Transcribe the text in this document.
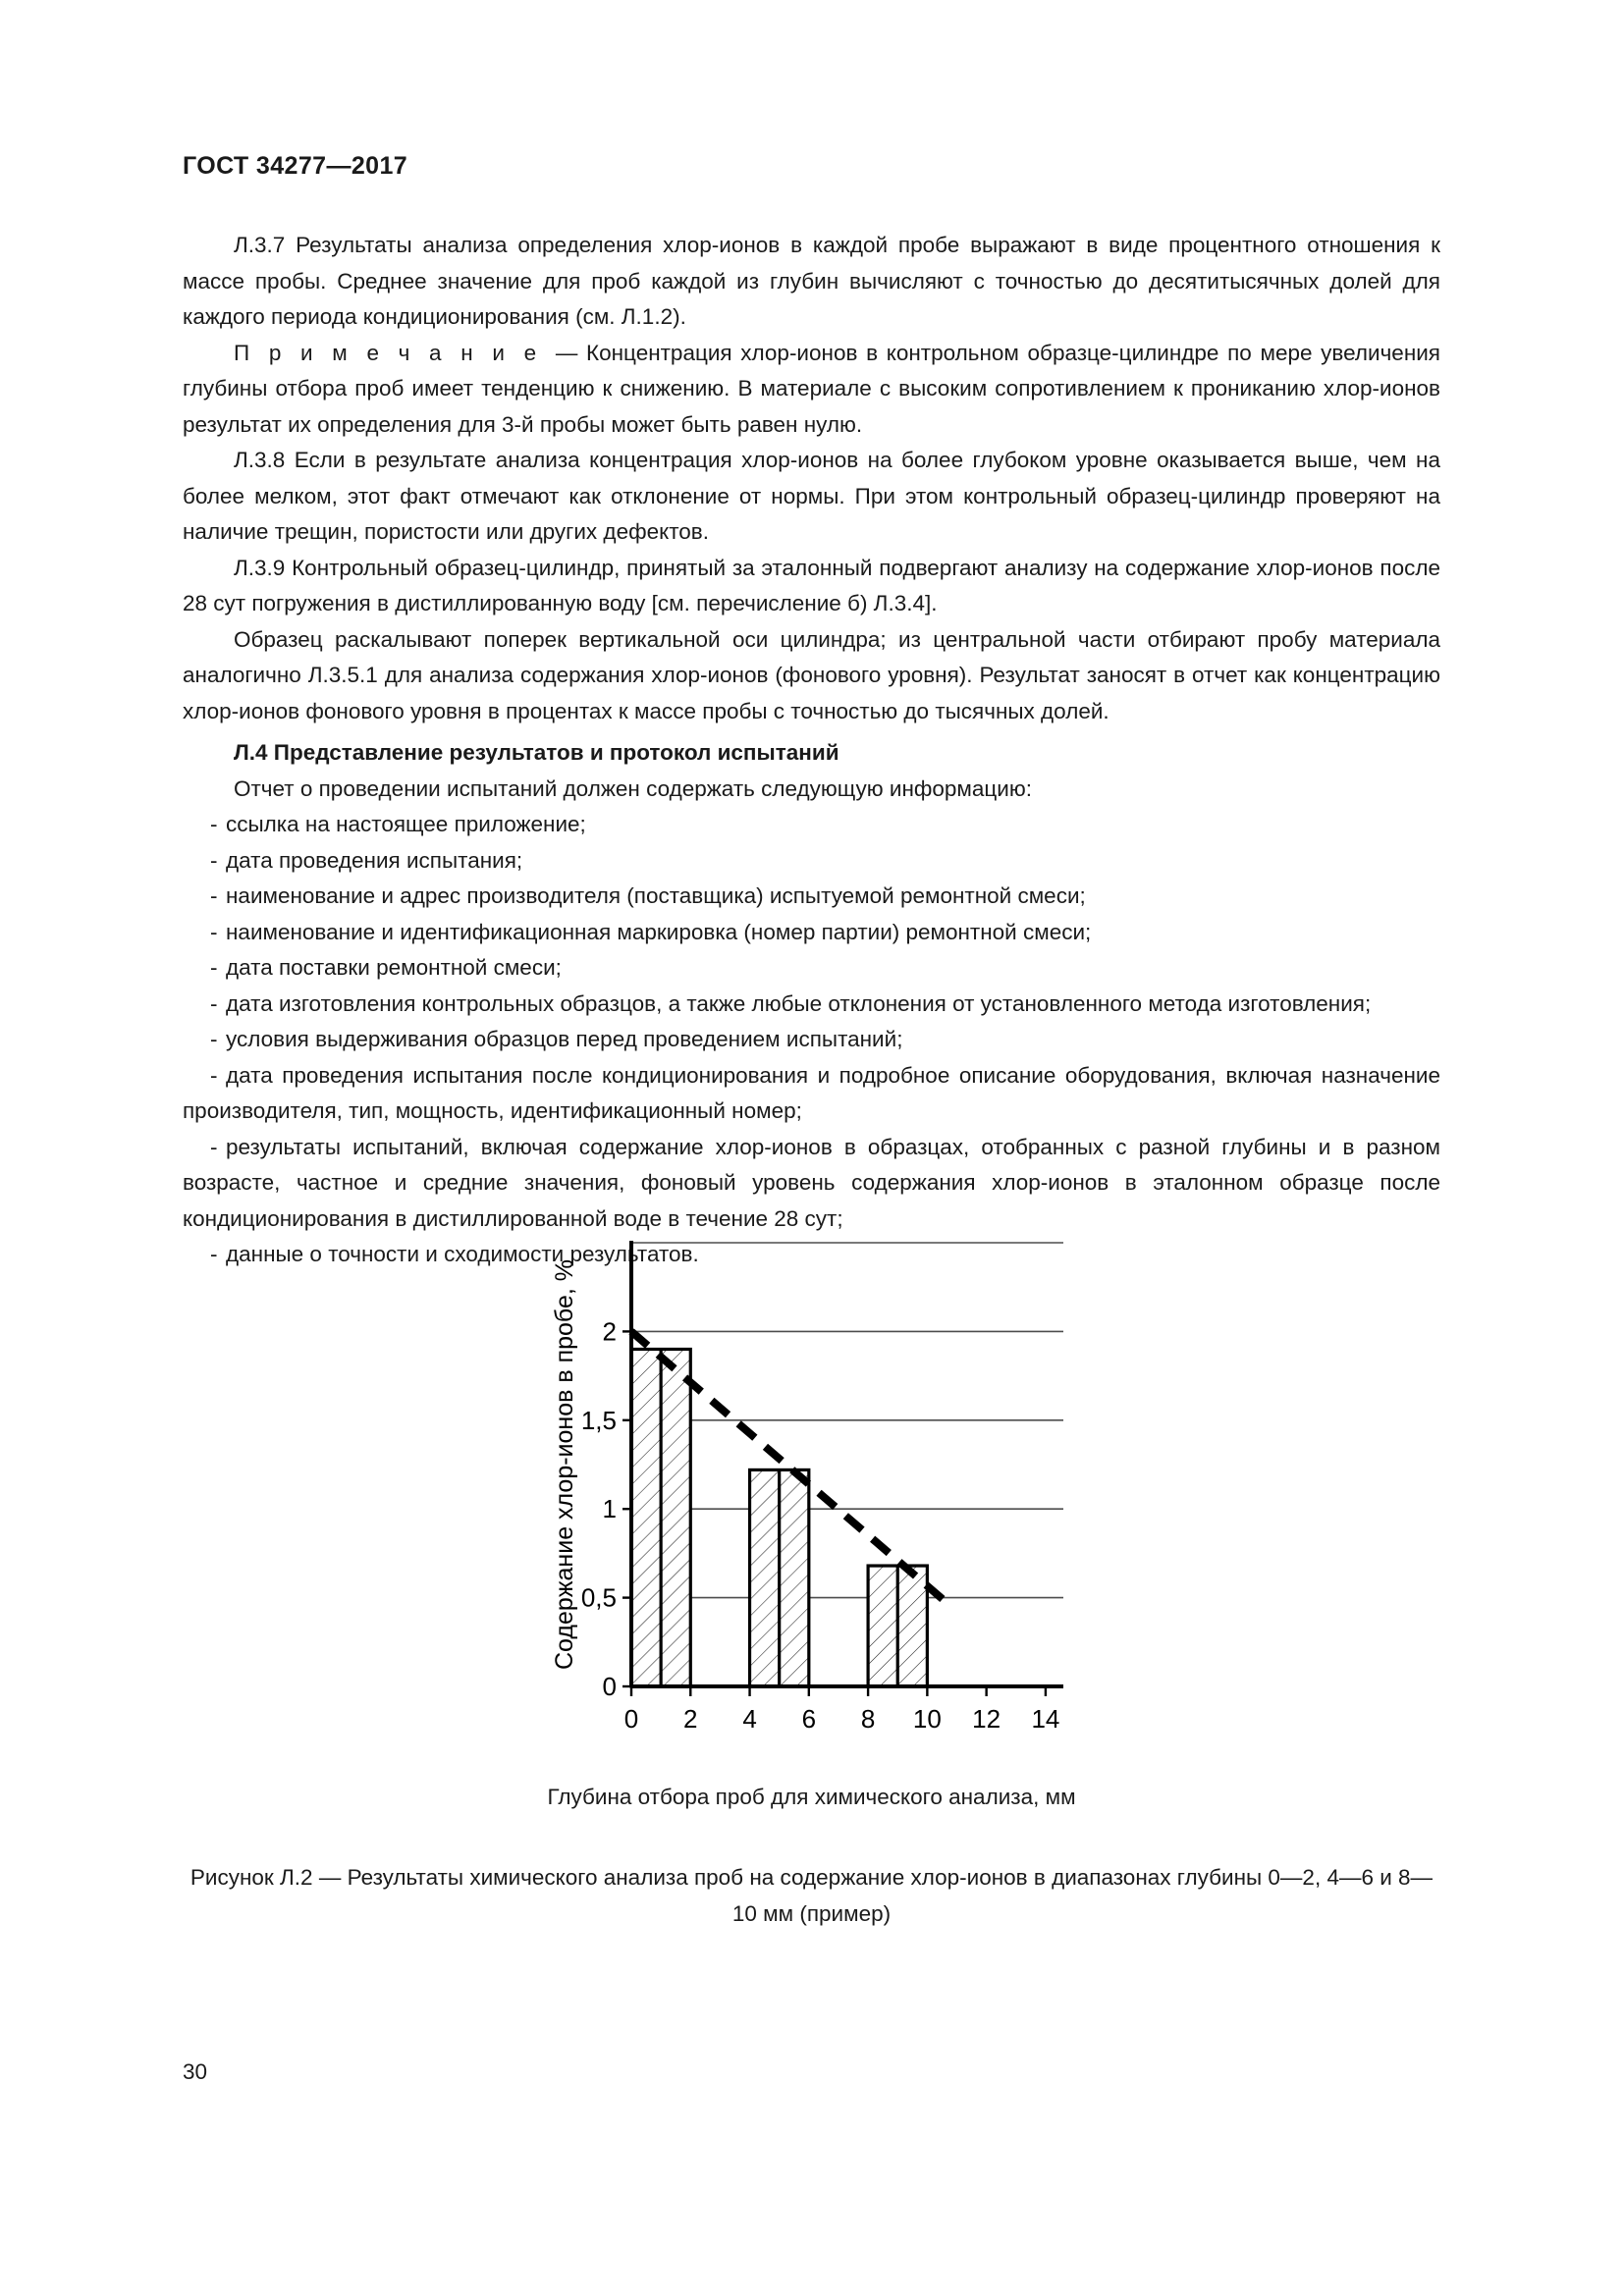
ГОСТ 34277—2017

Л.3.7 Результаты анализа определения хлор-ионов в каждой пробе выражают в виде процентного отношения к массе пробы. Среднее значение для проб каждой из глубин вычисляют с точностью до десятитысячных долей для каждого периода кондиционирования (см. Л.1.2).

П р и м е ч а н и е — Концентрация хлор-ионов в контрольном образце-цилиндре по мере увеличения глубины отбора проб имеет тенденцию к снижению. В материале с высоким сопротивлением к прониканию хлор-ионов результат их определения для 3-й пробы может быть равен нулю.

Л.3.8 Если в результате анализа концентрация хлор-ионов на более глубоком уровне оказывается выше, чем на более мелком, этот факт отмечают как отклонение от нормы. При этом контрольный образец-цилиндр проверяют на наличие трещин, пористости или других дефектов.

Л.3.9 Контрольный образец-цилиндр, принятый за эталонный подвергают анализу на содержание хлор-ионов после 28 сут погружения в дистиллированную воду [см. перечисление б) Л.3.4].

Образец раскалывают поперек вертикальной оси цилиндра; из центральной части отбирают пробу материала аналогично Л.3.5.1 для анализа содержания хлор-ионов (фонового уровня). Результат заносят в отчет как концентрацию хлор-ионов фонового уровня в процентах к массе пробы с точностью до тысячных долей.

Л.4 Представление результатов и протокол испытаний

Отчет о проведении испытаний должен содержать следующую информацию:

- ссылка на настоящее приложение;
- дата проведения испытания;
- наименование и адрес производителя (поставщика) испытуемой ремонтной смеси;
- наименование и идентификационная маркировка (номер партии) ремонтной смеси;
- дата поставки ремонтной смеси;
- дата изготовления контрольных образцов, а также любые отклонения от установленного метода изготовления;
- условия выдерживания образцов перед проведением испытаний;
- дата проведения испытания после кондиционирования и подробное описание оборудования, включая назначение производителя, тип, мощность, идентификационный номер;
- результаты испытаний, включая содержание хлор-ионов в образцах, отобранных с разной глубины и в разном возрасте, частное и средние значения, фоновый уровень содержания хлор-ионов в эталонном образце после кондиционирования в дистиллированной воде в течение 28 сут;
- данные о точности и сходимости результатов.
0
0,5
1
1,5
2
0 2 4 6 8 10 12 14
Содержание хлор-ионов в пробе, %
Глубина отбора проб для химического анализа, мм
Рисунок Л.2 — Результаты химического анализа проб на содержание хлор-ионов в диапазонах глубины 0—2, 4—6 и 8—10 мм (пример)
30
